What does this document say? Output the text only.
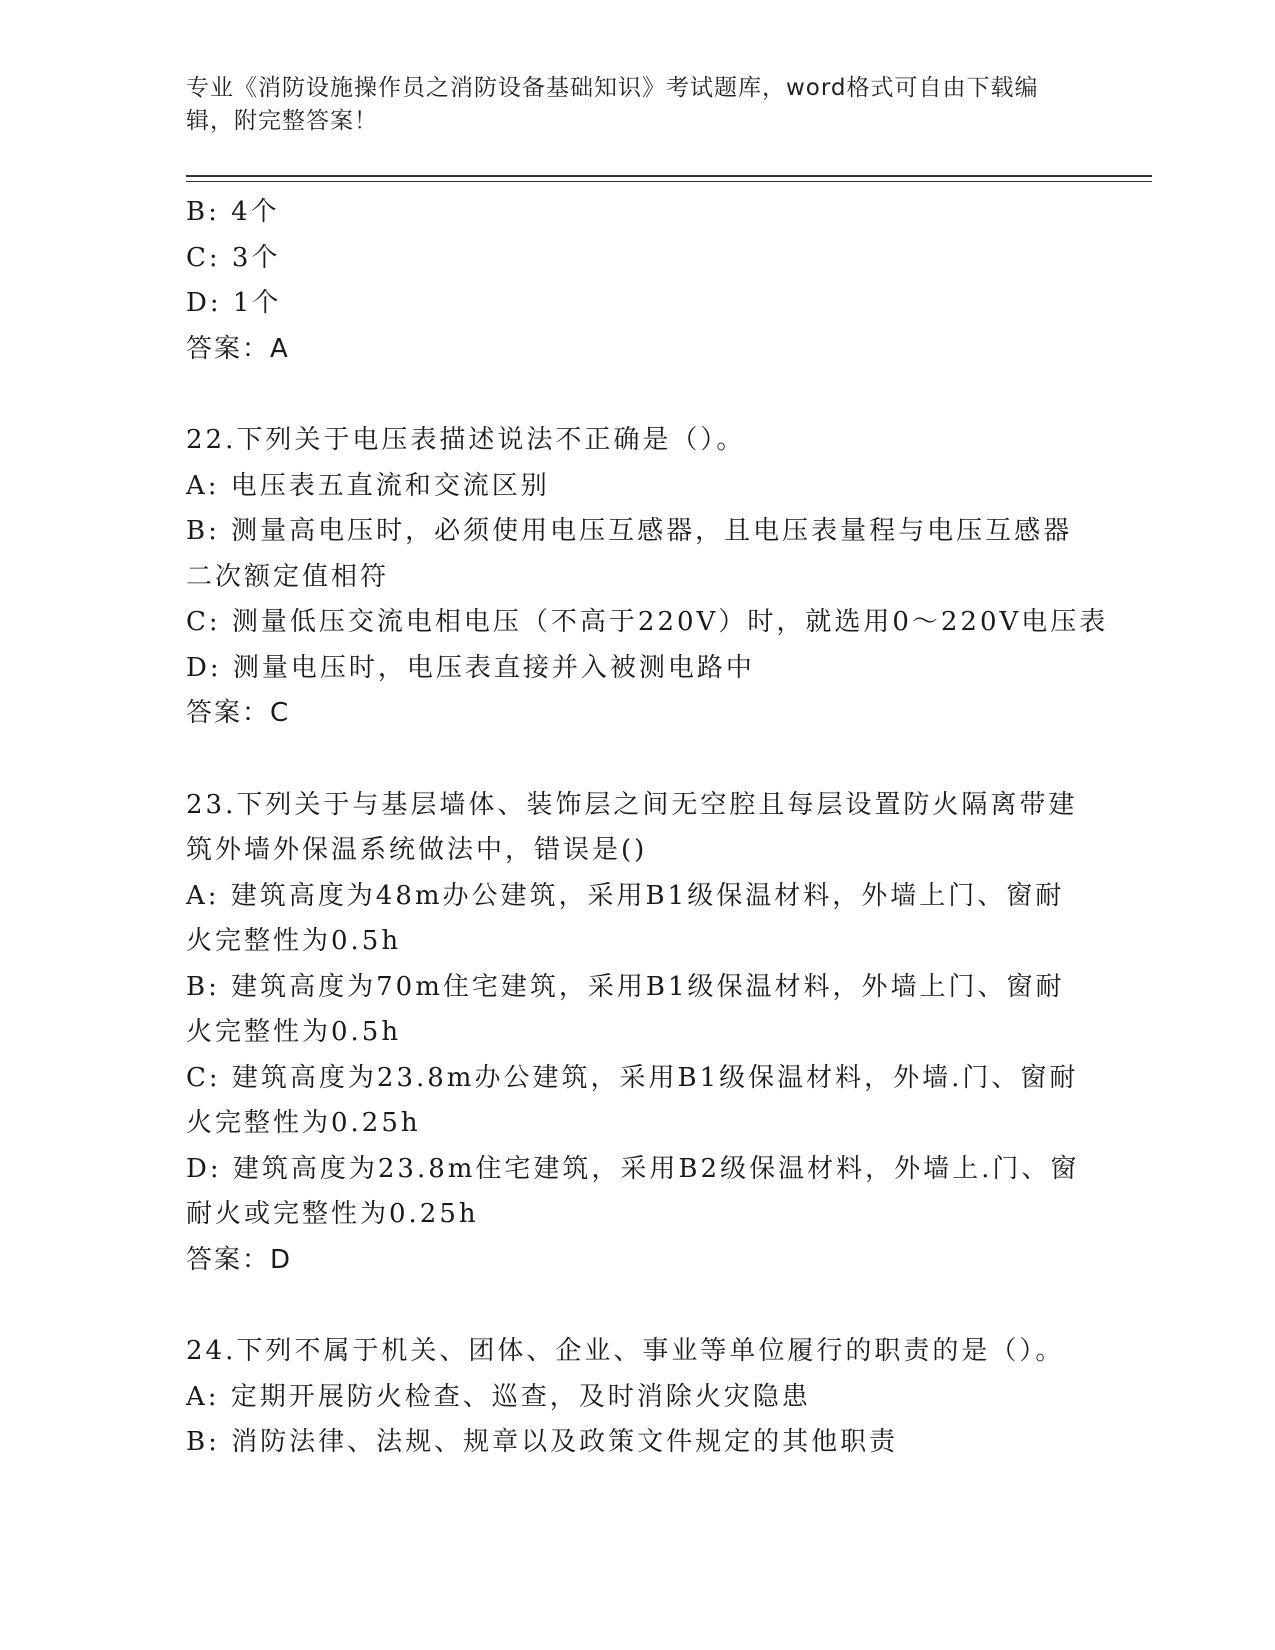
专业《消防设施操作员之消防设备基础知识》考试题库，word格式可自由下载编
辑，附完整答案！
B: 4个
C: 3个
D: 1个
答案：A
22.下列关于电压表描述说法不正确是（）。
A: 电压表五直流和交流区别
B: 测量高电压时，必须使用电压互感器，且电压表量程与电压互感器
二次额定值相符
C: 测量低压交流电相电压（不高于220V）时，就选用0～220V电压表
D: 测量电压时，电压表直接并入被测电路中
答案：C
23.下列关于与基层墙体、装饰层之间无空腔且每层设置防火隔离带建
筑外墙外保温系统做法中，错误是()
A: 建筑高度为48m办公建筑，采用B1级保温材料，外墙上门、窗耐
火完整性为0.5h
B: 建筑高度为70m住宅建筑，采用B1级保温材料，外墙上门、窗耐
火完整性为0.5h
C: 建筑高度为23.8m办公建筑，采用B1级保温材料，外墙.门、窗耐
火完整性为0.25h
D: 建筑高度为23.8m住宅建筑，采用B2级保温材料，外墙上.门、窗
耐火或完整性为0.25h
答案：D
24.下列不属于机关、团体、企业、事业等单位履行的职责的是（）。
A: 定期开展防火检查、巡查，及时消除火灾隐患
B: 消防法律、法规、规章以及政策文件规定的其他职责
